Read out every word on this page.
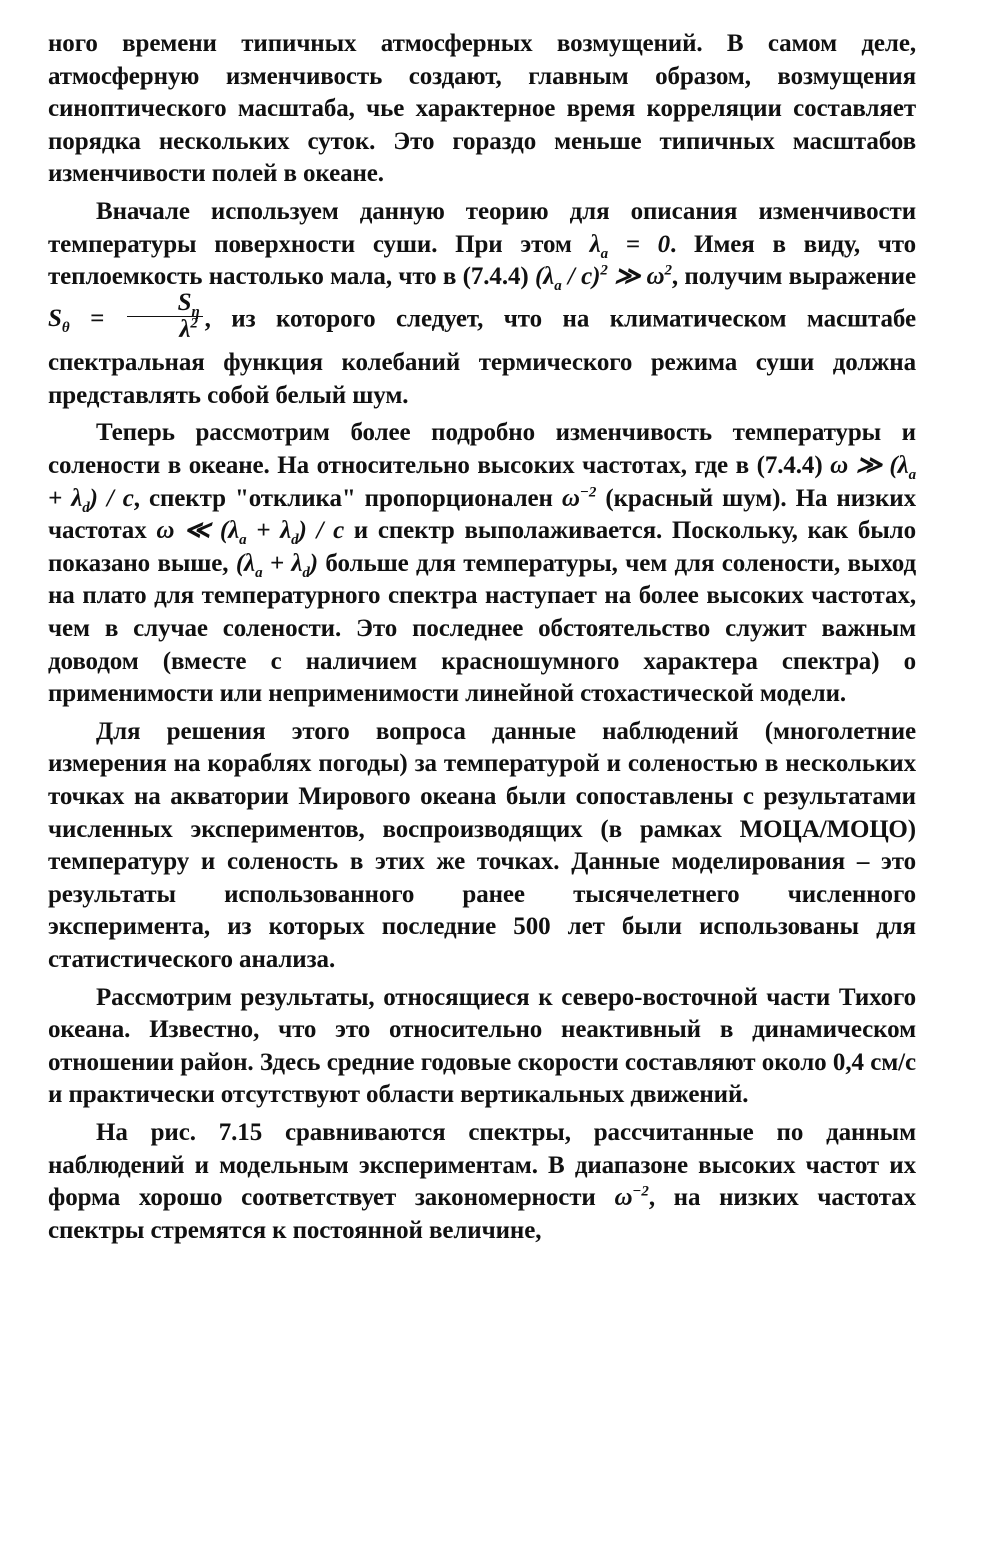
ного времени типичных атмосферных возмущений. В самом деле, атмосферную изменчивость создают, главным образом, возмущения синоптического масштаба, чье характерное время корреляции составляет порядка нескольких суток. Это гораздо меньше типичных масштабов изменчивости полей в океане.

Вначале используем данную теорию для описания изменчивости температуры поверхности суши. При этом $\lambda_a = 0$. Имея в виду, что теплоемкость настолько мала, что в (7.4.4) $(\lambda_a / c)^2$ ≫ $\omega^2$, получим выражение $S_\theta = \frac{S_\eta}{\lambda^2}$ , из которого следует, что на климатическом масштабе спектральная функция колебаний термического режима суши должна представлять собой белый шум.

Теперь рассмотрим более подробно изменчивость температуры и солености в океане. На относительно высоких частотах, где в (7.4.4) ω ≫ $(\lambda_a + \lambda_d) / c$, спектр "отклика" пропорционален $\omega^{-2}$ (красный шум). На низких частотах ω ≪ $(\lambda_a + \lambda_d) / c$ и спектр выполаживается. Поскольку, как было показано выше, $(\lambda_a + \lambda_d)$ больше для температуры, чем для солености, выход на плато для температурного спектра наступает на более высоких частотах, чем в случае солености. Это последнее обстоятельство служит важным доводом (вместе с наличием красношумного характера спектра) о применимости или неприменимости линейной стохастической модели.

Для решения этого вопроса данные наблюдений (многолетние измерения на кораблях погоды) за температурой и соленостью в нескольких точках на акватории Мирового океана были сопоставлены с результатами численных экспериментов, воспроизводящих (в рамках МОЦА/МОЦО) температуру и соленость в этих же точках. Данные моделирования – это результаты использованного ранее тысячелетнего численного эксперимента, из которых последние 500 лет были использованы для статистического анализа.

Рассмотрим результаты, относящиеся к северо-восточной части Тихого океана. Известно, что это относительно неактивный в динамическом отношении район. Здесь средние годовые скорости составляют около 0,4 см/с и практически отсутствуют области вертикальных движений.

На рис. 7.15 сравниваются спектры, рассчитанные по данным наблюдений и модельным экспериментам. В диапазоне высоких частот их форма хорошо соответствует закономерности $\omega^{-2}$, на низких частотах спектры стремятся к постоянной величине,
